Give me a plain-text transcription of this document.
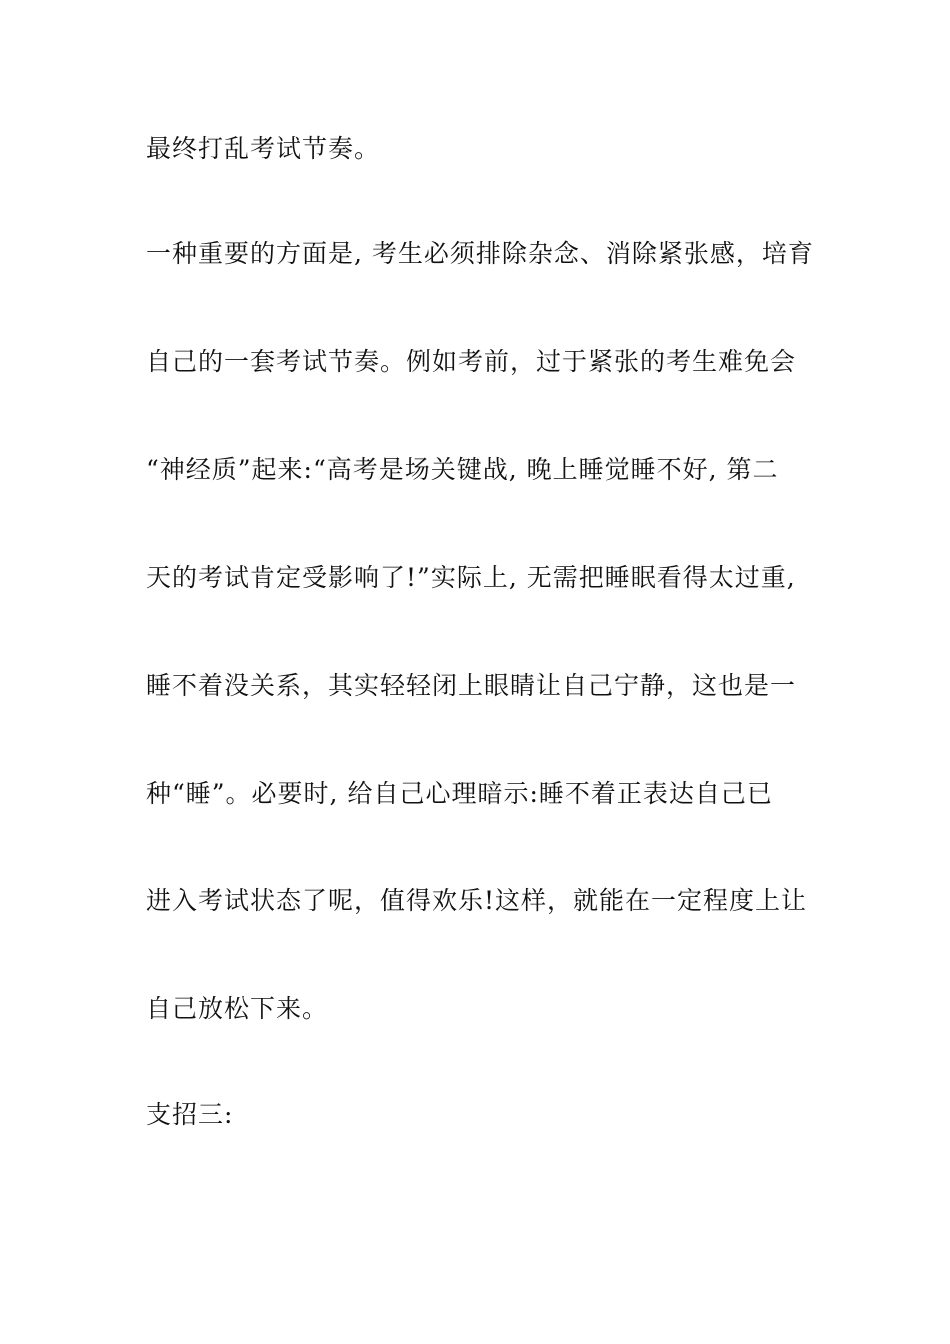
最终打乱考试节奏。

一种重要的方面是, 考生必须排除杂念、消除紧张感，培育

自己的一套考试节奏。例如考前，过于紧张的考生难免会

“神经质”起来:“高考是场关键战, 晚上睡觉睡不好, 第二

天的考试肯定受影响了!”实际上, 无需把睡眠看得太过重,

睡不着没关系，其实轻轻闭上眼睛让自己宁静，这也是一

种“睡”。必要时, 给自己心理暗示:睡不着正表达自己已

进入考试状态了呢，值得欢乐!这样，就能在一定程度上让

自己放松下来。

支招三:
